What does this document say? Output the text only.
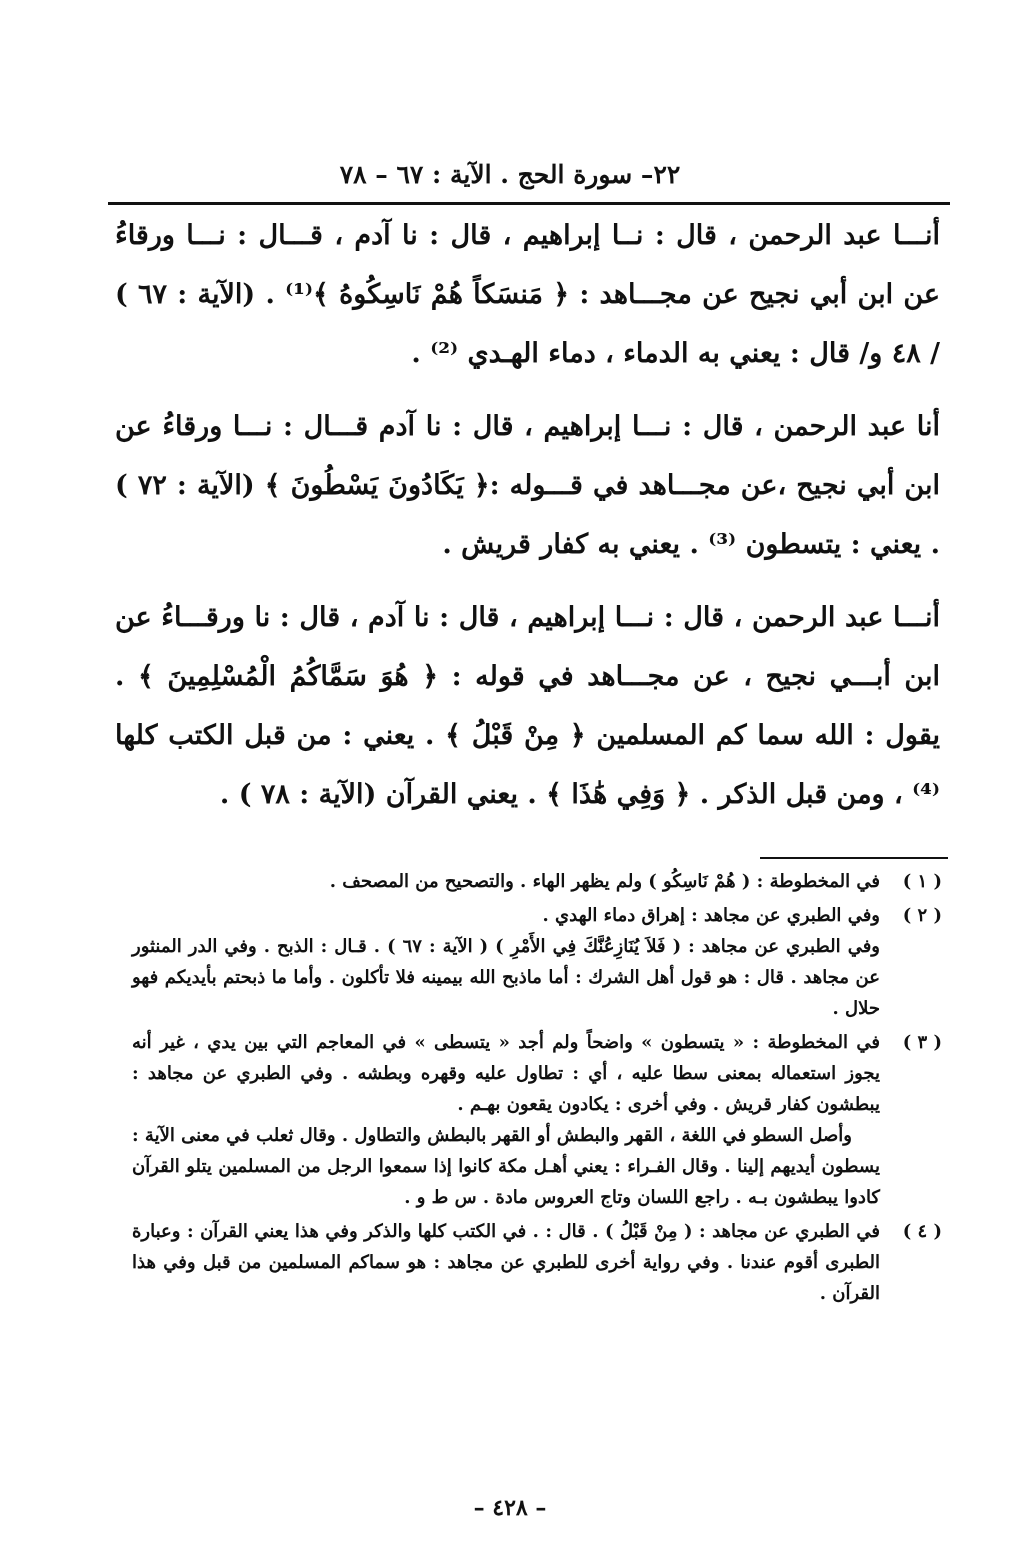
٢٢– سورة الحج . الآية : ٦٧ – ٧٨

أنـــا عبد الرحمن ، قال : نــا إبراهيم ، قال : نا آدم ، قـــال : نـــا ورقاءُ عن ابن أبي نجيح عن مجـــاهد : ﴿ مَنسَكاً هُمْ نَاسِكُوهُ ﴾⁽¹⁾ . (الآية : ٦٧ ) / ٤٨ و/ قال : يعني به الدماء ، دماء الهـدي ⁽²⁾ .

أنا عبد الرحمن ، قال : نـــا إبراهيم ، قال : نا آدم قـــال : نـــا ورقاءُ عن ابن أبي نجيح ،عن مجـــاهد في قـــوله :﴿ يَكَادُونَ يَسْطُونَ ﴾ (الآية : ٧٢ ) . يعني : يتسطون ⁽³⁾ . يعني به كفار قريش .

أنـــا عبد الرحمن ، قال : نـــا إبراهيم ، قال : نا آدم ، قال : نا ورقـــاءُ عن ابن أبـــي نجيح ، عن مجـــاهد في قوله : ﴿ هُوَ سَمَّاكُمُ الْمُسْلِمِينَ ﴾ . يقول : الله سما كم المسلمين ﴿ مِنْ قَبْلُ ﴾ . يعني : من قبل الكتب كلها ⁽⁴⁾ ، ومن قبل الذكر . ﴿ وَفِي هَٰذَا ﴾ . يعني القرآن (الآية : ٧٨ ) .

( ١ )

في المخطوطة : ( هُمْ نَاسِكُو ) ولم يظهر الهاء . والتصحيح من المصحف .

( ٢ )

وفي الطبري عن مجاهد : إهراق دماء الهدي .

وفي الطبري عن مجاهد : ( فَلاَ يُنَازِعُنَّكَ فِي الأَمْرِ ) ( الآية : ٦٧ ) . قـال : الذبح . وفي الدر المنثور عن مجاهد . قال : هو قول أهل الشرك : أما ماذبح الله بيمينه فلا تأكلون . وأما ما ذبحتم بأيديكم فهو حلال .

( ٣ )

في المخطوطة : « يتسطون » واضحاً ولم أجد « يتسطى » في المعاجم التي بين يدي ، غير أنه يجوز استعماله بمعنى سطا عليه ، أي : تطاول عليه وقهره وبطشه . وفي الطبري عن مجاهد : يبطشون كفار قريش . وفي أخرى : يكادون يقعون بهـم .

وأصل السطو في اللغة ، القهر والبطش أو القهر بالبطش والتطاول . وقال ثعلب في معنى الآية : يسطون أيديهم إلينا . وقال الفـراء : يعني أهـل مكة كانوا إذا سمعوا الرجل من المسلمين يتلو القرآن كادوا يبطشون بـه . راجع اللسان وتاج العروس مادة . س ط و .

( ٤ )

في الطبري عن مجاهد : ( مِنْ قَبْلُ ) . قال : . في الكتب كلها والذكر وفي هذا يعني القرآن : وعبارة الطبرى أقوم عندنا . وفي رواية أخرى للطبري عن مجاهد : هو سماكم المسلمين من قبل وفي هذا القرآن .

– ٤٢٨ –
